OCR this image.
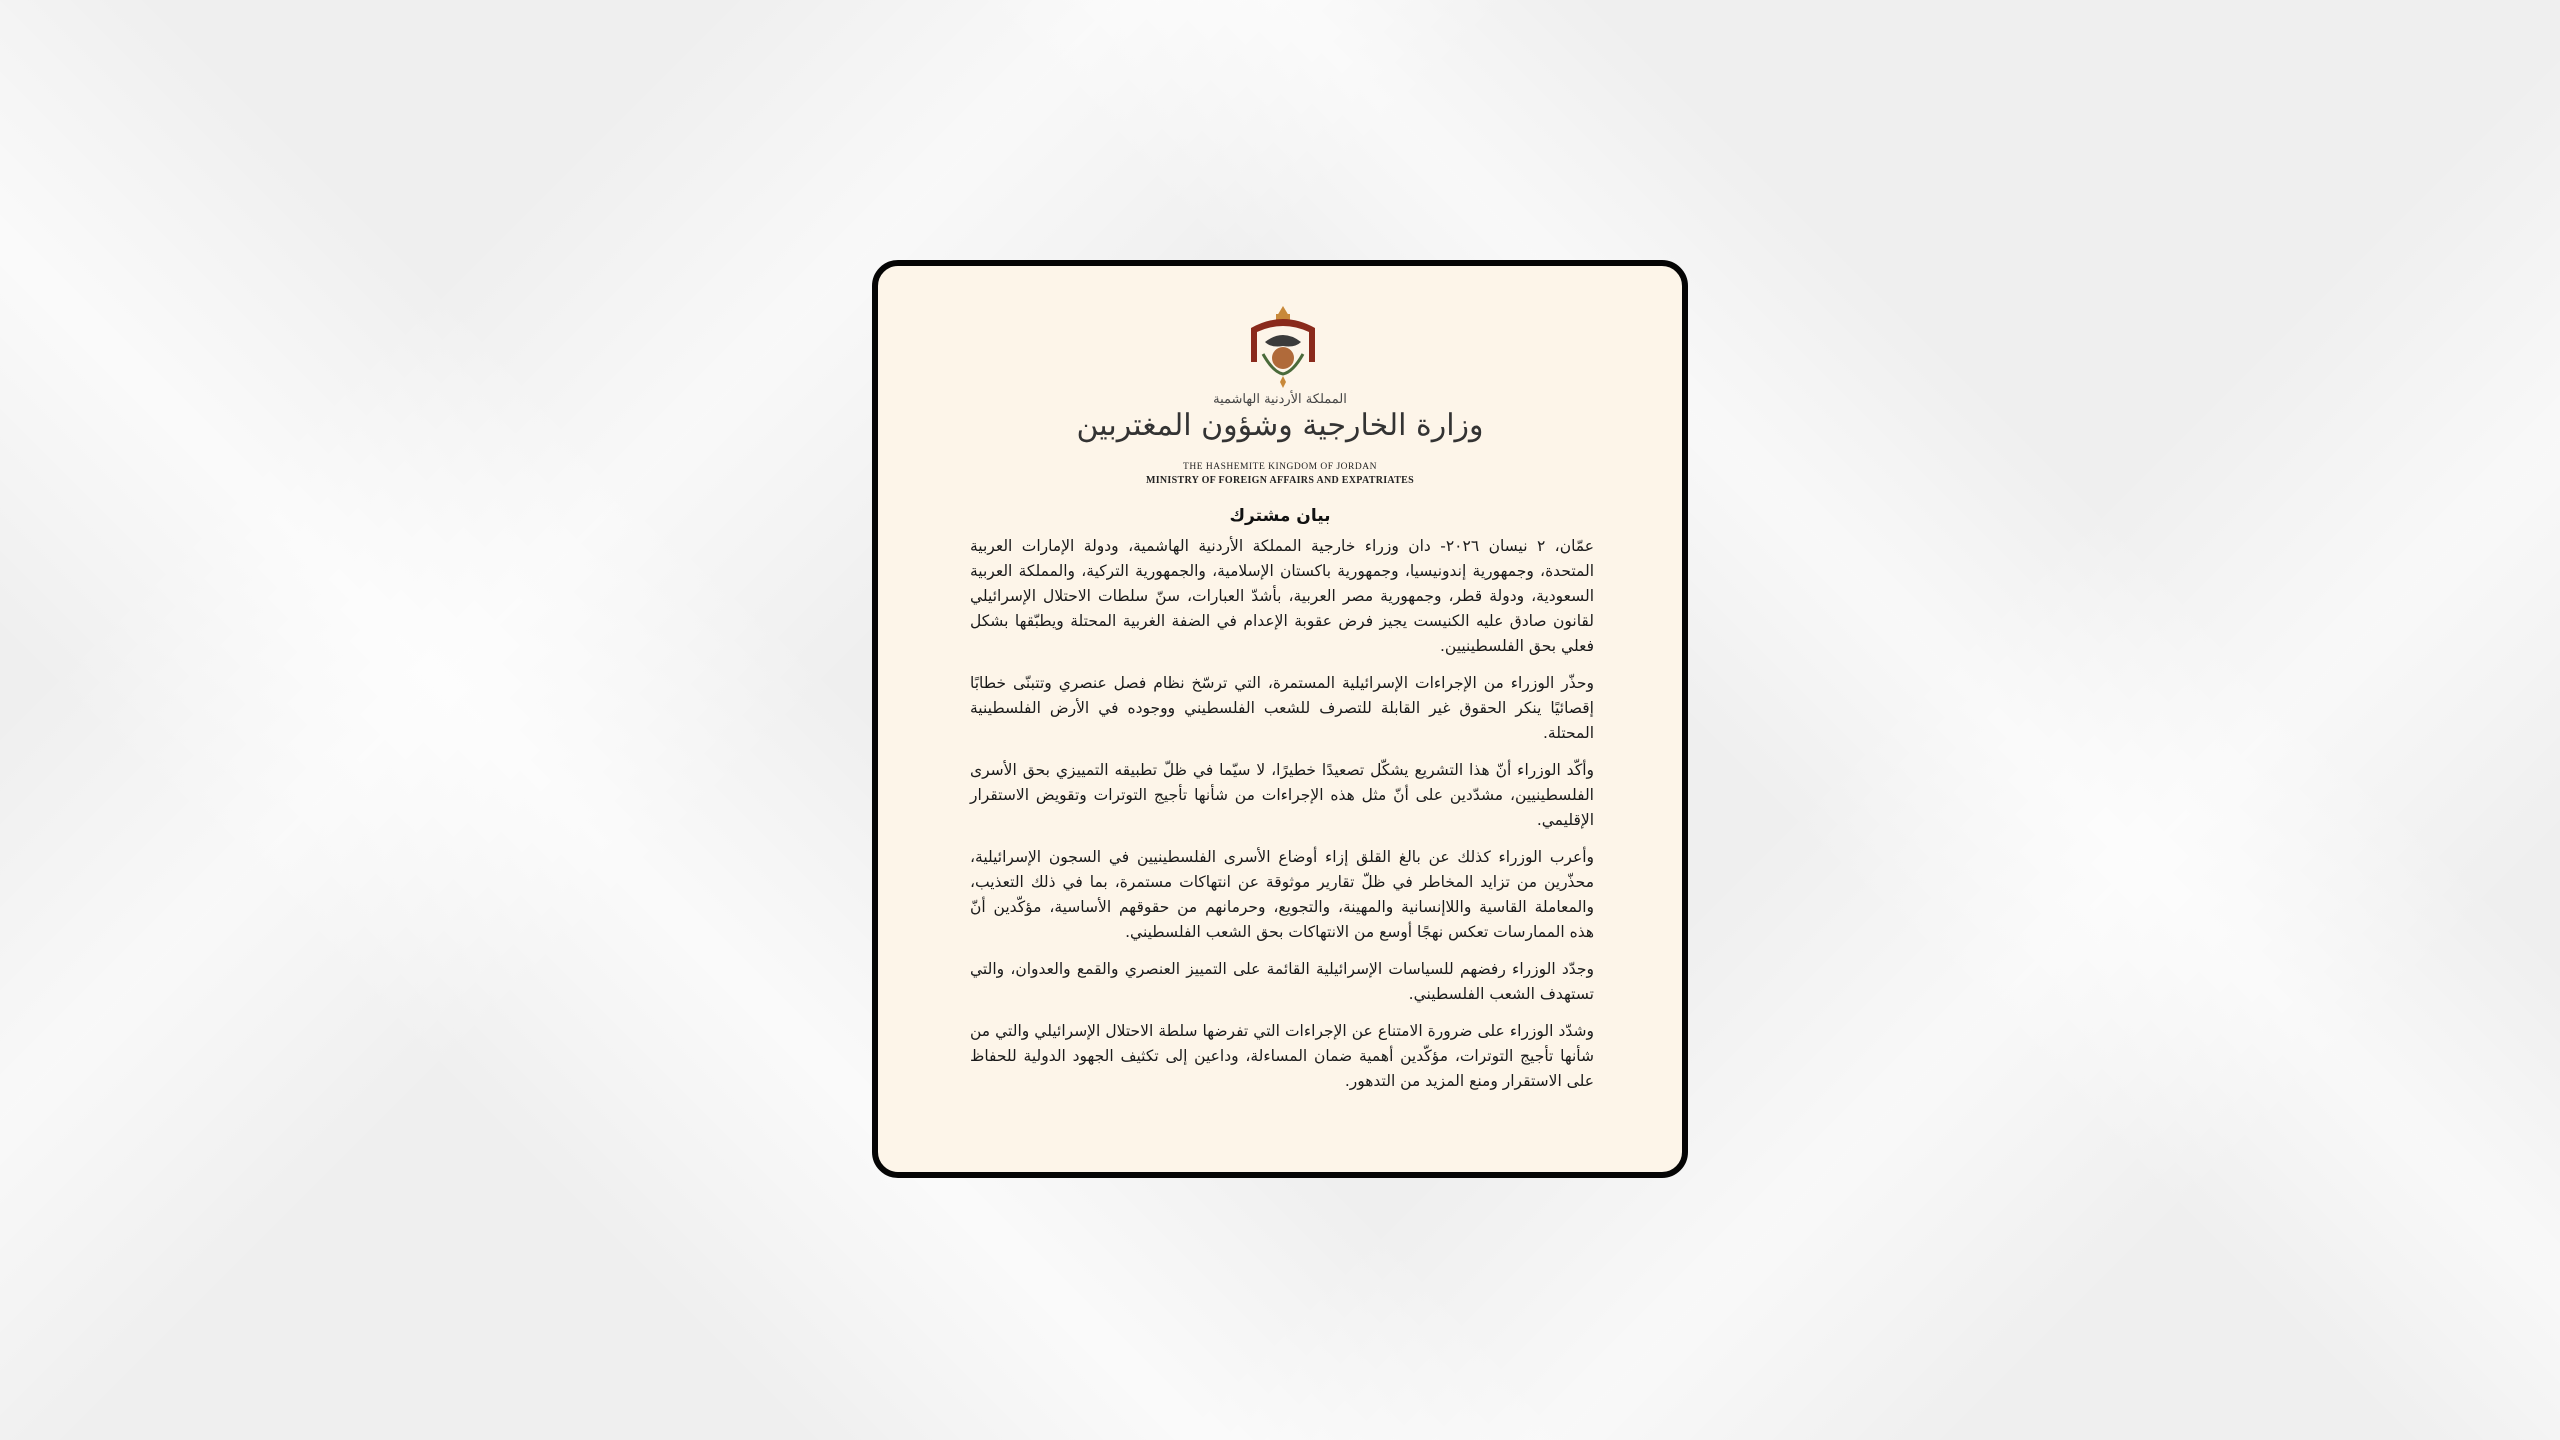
المملكة الأردنية الهاشمية
وزارة الخارجية وشؤون المغتربين
THE HASHEMITE KINGDOM OF JORDAN
MINISTRY OF FOREIGN AFFAIRS AND EXPATRIATES
بيان مشترك

عمّان، ٢ نيسان ٢٠٢٦- دان وزراء خارجية المملكة الأردنية الهاشمية، ودولة الإمارات العربية المتحدة، وجمهورية إندونيسيا، وجمهورية باكستان الإسلامية، والجمهورية التركية، والمملكة العربية السعودية، ودولة قطر، وجمهورية مصر العربية، بأشدّ العبارات، سنّ سلطات الاحتلال الإسرائيلي لقانون صادق عليه الكنيست يجيز فرض عقوبة الإعدام في الضفة الغربية المحتلة ويطبّقها بشكل فعلي بحق الفلسطينيين.

وحذّر الوزراء من الإجراءات الإسرائيلية المستمرة، التي ترسّخ نظام فصل عنصري وتتبنّى خطابًا إقصائيًا ينكر الحقوق غير القابلة للتصرف للشعب الفلسطيني ووجوده في الأرض الفلسطينية المحتلة.

وأكّد الوزراء أنّ هذا التشريع يشكّل تصعيدًا خطيرًا، لا سيّما في ظلّ تطبيقه التمييزي بحق الأسرى الفلسطينيين، مشدّدين على أنّ مثل هذه الإجراءات من شأنها تأجيج التوترات وتقويض الاستقرار الإقليمي.

وأعرب الوزراء كذلك عن بالغ القلق إزاء أوضاع الأسرى الفلسطينيين في السجون الإسرائيلية، محذّرين من تزايد المخاطر في ظلّ تقارير موثوقة عن انتهاكات مستمرة، بما في ذلك التعذيب، والمعاملة القاسية واللاإنسانية والمهينة، والتجويع، وحرمانهم من حقوقهم الأساسية، مؤكّدين أنّ هذه الممارسات تعكس نهجًا أوسع من الانتهاكات بحق الشعب الفلسطيني.

وجدّد الوزراء رفضهم للسياسات الإسرائيلية القائمة على التمييز العنصري والقمع والعدوان، والتي تستهدف الشعب الفلسطيني.

وشدّد الوزراء على ضرورة الامتناع عن الإجراءات التي تفرضها سلطة الاحتلال الإسرائيلي والتي من شأنها تأجيج التوترات، مؤكّدين أهمية ضمان المساءلة، وداعين إلى تكثيف الجهود الدولية للحفاظ على الاستقرار ومنع المزيد من التدهور.
